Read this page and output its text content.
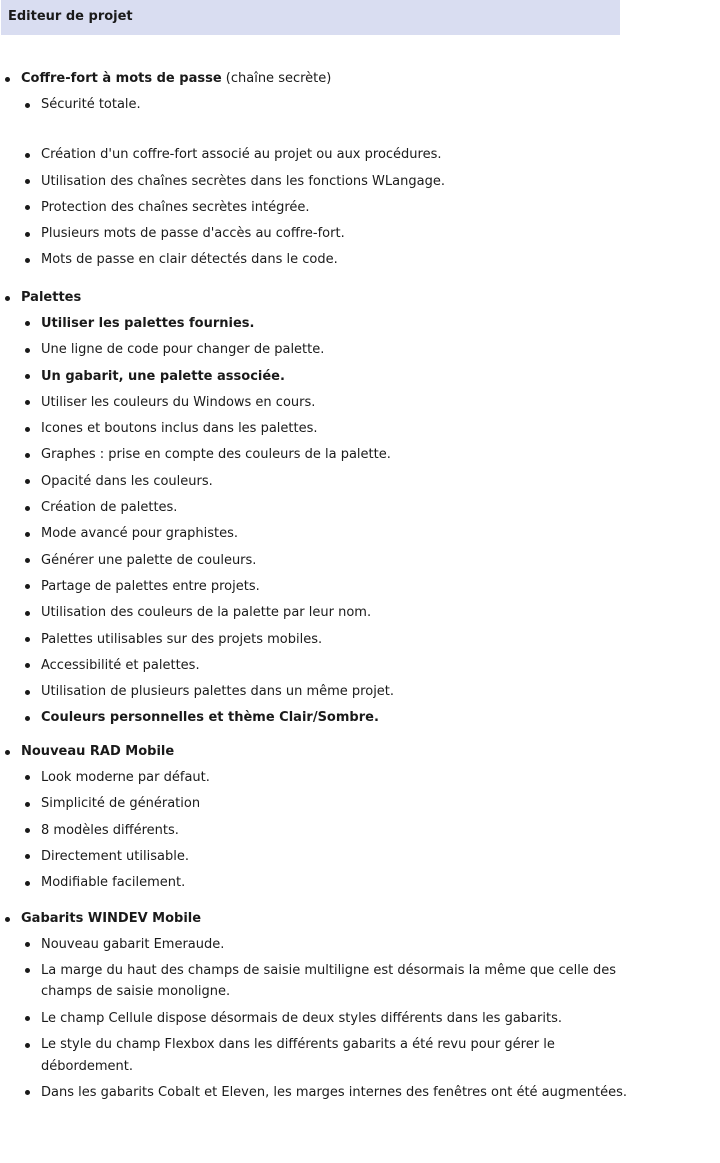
Editeur de projet
Coffre-fort à mots de passe (chaîne secrète)
Sécurité totale.
Création d'un coffre-fort associé au projet ou aux procédures.
Utilisation des chaînes secrètes dans les fonctions WLangage.
Protection des chaînes secrètes intégrée.
Plusieurs mots de passe d'accès au coffre-fort.
Mots de passe en clair détectés dans le code.
Palettes
Utiliser les palettes fournies.
Une ligne de code pour changer de palette.
Un gabarit, une palette associée.
Utiliser les couleurs du Windows en cours.
Icones et boutons inclus dans les palettes.
Graphes : prise en compte des couleurs de la palette.
Opacité dans les couleurs.
Création de palettes.
Mode avancé pour graphistes.
Générer une palette de couleurs.
Partage de palettes entre projets.
Utilisation des couleurs de la palette par leur nom.
Palettes utilisables sur des projets mobiles.
Accessibilité et palettes.
Utilisation de plusieurs palettes dans un même projet.
Couleurs personnelles et thème Clair/Sombre.
Nouveau RAD Mobile
Look moderne par défaut.
Simplicité de génération
8 modèles différents.
Directement utilisable.
Modifiable facilement.
Gabarits WINDEV Mobile
Nouveau gabarit Emeraude.
La marge du haut des champs de saisie multiligne est désormais la même que celle des champs de saisie monoligne.
Le champ Cellule dispose désormais de deux styles différents dans les gabarits.
Le style du champ Flexbox dans les différents gabarits a été revu pour gérer le débordement.
Dans les gabarits Cobalt et Eleven, les marges internes des fenêtres ont été augmentées.
